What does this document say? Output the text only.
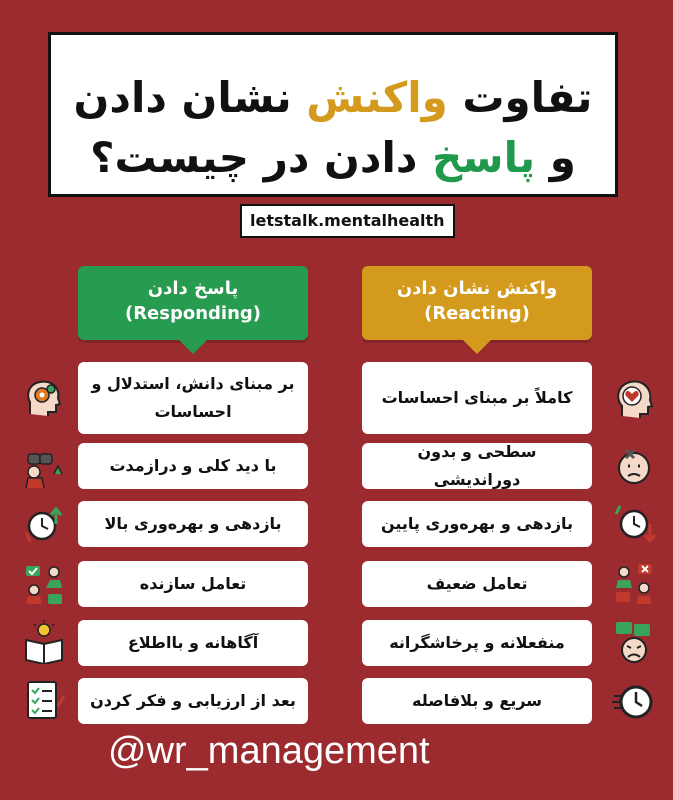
تفاوت واکنش نشان دادن
و پاسخ دادن در چیست؟
letstalk.mentalhealth
پاسخ دادن
(Responding)
واکنش نشان دادن
(Reacting)
بر مبنای دانش، استدلال و احساسات
با دید کلی و درازمدت
بازدهی و بهره‌وری بالا
تعامل سازنده
آگاهانه و بااطلاع
بعد از ارزیابی و فکر کردن
کاملاً بر مبنای احساسات
سطحی و بدون دوراندیشی
بازدهی و بهره‌وری پایین
تعامل ضعیف
منفعلانه و پرخاشگرانه
سریع و بلافاصله
@wr_management
